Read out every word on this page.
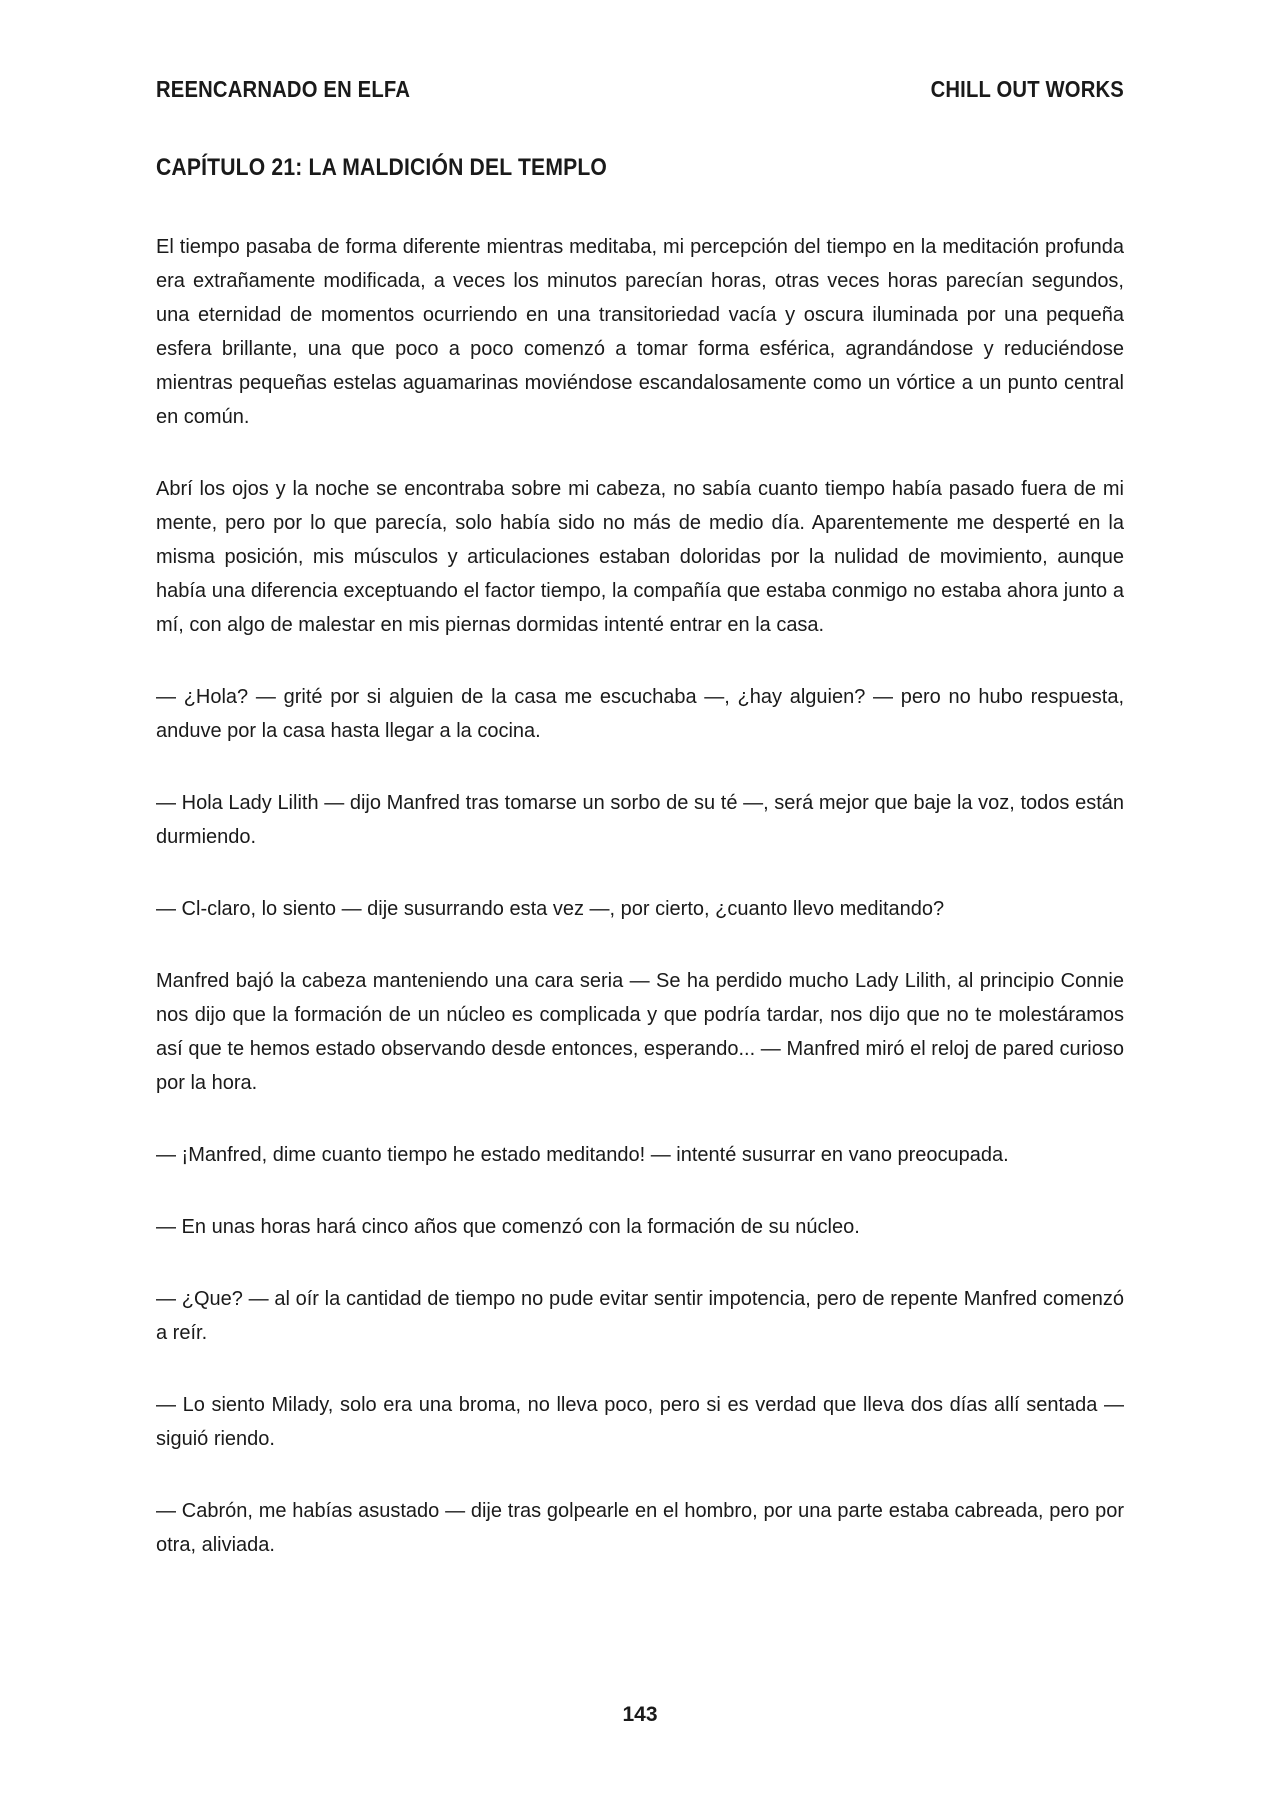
REENCARNADO EN ELFA	CHILL OUT WORKS
CAPÍTULO 21: LA MALDICIÓN DEL TEMPLO

El tiempo pasaba de forma diferente mientras meditaba, mi percepción del tiempo en la meditación profunda era extrañamente modificada, a veces los minutos parecían horas, otras veces horas parecían segundos, una eternidad de momentos ocurriendo en una transitoriedad vacía y oscura iluminada por una pequeña esfera brillante, una que poco a poco comenzó a tomar forma esférica, agrandándose y reduciéndose mientras pequeñas estelas aguamarinas moviéndose escandalosamente como un vórtice a un punto central en común.

Abrí los ojos y la noche se encontraba sobre mi cabeza, no sabía cuanto tiempo había pasado fuera de mi mente, pero por lo que parecía, solo había sido no más de medio día. Aparentemente me desperté en la misma posición, mis músculos y articulaciones estaban doloridas por la nulidad de movimiento, aunque había una diferencia exceptuando el factor tiempo, la compañía que estaba conmigo no estaba ahora junto a mí, con algo de malestar en mis piernas dormidas intenté entrar en la casa.

— ¿Hola? — grité por si alguien de la casa me escuchaba —, ¿hay alguien? — pero no hubo respuesta, anduve por la casa hasta llegar a la cocina.

— Hola Lady Lilith — dijo Manfred tras tomarse un sorbo de su té —, será mejor que baje la voz, todos están durmiendo.

— Cl-claro, lo siento — dije susurrando esta vez —, por cierto, ¿cuanto llevo meditando?

Manfred bajó la cabeza manteniendo una cara seria — Se ha perdido mucho Lady Lilith, al principio Connie nos dijo que la formación de un núcleo es complicada y que podría tardar, nos dijo que no te molestáramos así que te hemos estado observando desde entonces, esperando... — Manfred miró el reloj de pared curioso por la hora.

— ¡Manfred, dime cuanto tiempo he estado meditando! — intenté susurrar en vano preocupada.

— En unas horas hará cinco años que comenzó con la formación de su núcleo.

— ¿Que? — al oír la cantidad de tiempo no pude evitar sentir impotencia, pero de repente Manfred comenzó a reír.

— Lo siento Milady, solo era una broma, no lleva poco, pero si es verdad que lleva dos días allí sentada — siguió riendo.

— Cabrón, me habías asustado — dije tras golpearle en el hombro, por una parte estaba cabreada, pero por otra, aliviada.

143
